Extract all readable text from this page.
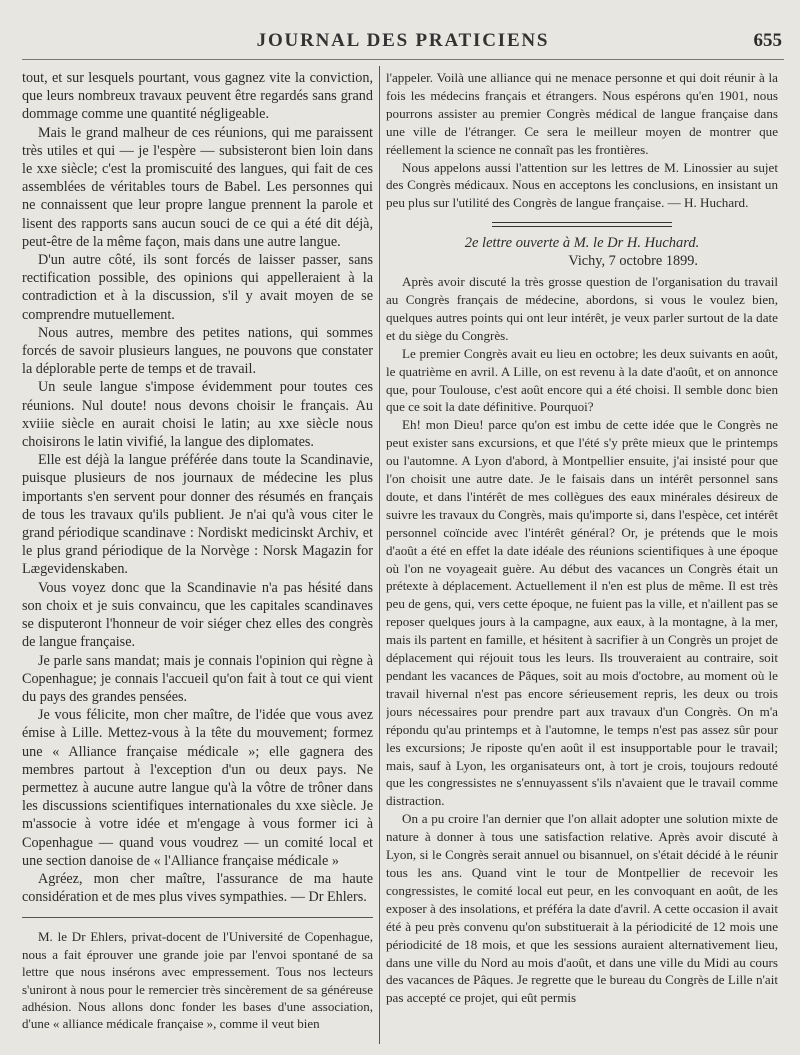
JOURNAL DES PRATICIENS	655

tout, et sur lesquels pourtant, vous gagnez vite la conviction, que leurs nombreux travaux peuvent être regardés sans grand dommage comme une quantité négligeable.

Mais le grand malheur de ces réunions, qui me paraissent très utiles et qui — je l'espère — subsisteront bien loin dans le xxe siècle; c'est la promiscuité des langues, qui fait de ces assemblées de véritables tours de Babel. Les personnes qui ne connaissent que leur propre langue prennent la parole et lisent des rapports sans aucun souci de ce qui a été dit déjà, peut-être de la même façon, mais dans une autre langue.

D'un autre côté, ils sont forcés de laisser passer, sans rectification possible, des opinions qui appelleraient à la contradiction et à la discussion, s'il y avait moyen de se comprendre mutuellement.

Nous autres, membre des petites nations, qui sommes forcés de savoir plusieurs langues, ne pouvons que constater la déplorable perte de temps et de travail.

Un seule langue s'impose évidemment pour toutes ces réunions. Nul doute! nous devons choisir le français. Au xviiie siècle en aurait choisi le latin; au xxe siècle nous choisirons le latin vivifié, la langue des diplomates.

Elle est déjà la langue préférée dans toute la Scandinavie, puisque plusieurs de nos journaux de médecine les plus importants s'en servent pour donner des résumés en français de tous les travaux qu'ils publient. Je n'ai qu'à vous citer le grand périodique scandinave : Nordiskt medicinskt Archiv, et le plus grand périodique de la Norvège : Norsk Magazin for Lægevidenskaben.

Vous voyez donc que la Scandinavie n'a pas hésité dans son choix et je suis convaincu, que les capitales scandinaves se disputeront l'honneur de voir siéger chez elles des congrès de langue française.

Je parle sans mandat; mais je connais l'opinion qui règne à Copenhague; je connais l'accueil qu'on fait à tout ce qui vient du pays des grandes pensées.

Je vous félicite, mon cher maître, de l'idée que vous avez émise à Lille. Mettez-vous à la tête du mouvement; formez une « Alliance française médicale »; elle gagnera des membres partout à l'exception d'un ou deux pays. Ne permettez à aucune autre langue qu'à la vôtre de trôner dans les discussions scientifiques internationales du xxe siècle. Je m'associe à votre idée et m'engage à vous former ici à Copenhague — quand vous voudrez — un comité local et une section danoise de « l'Alliance française médicale »

Agréez, mon cher maître, l'assurance de ma haute considération et de mes plus vives sympathies. — Dr Ehlers.

M. le Dr Ehlers, privat-docent de l'Université de Copenhague, nous a fait éprouver une grande joie par l'envoi spontané de sa lettre que nous insérons avec empressement. Tous nos lecteurs s'uniront à nous pour le remercier très sincèrement de sa généreuse adhésion. Nous allons donc fonder les bases d'une association, d'une « alliance médicale française », comme il veut bien

l'appeler. Voilà une alliance qui ne menace personne et qui doit réunir à la fois les médecins français et étrangers. Nous espérons qu'en 1901, nous pourrons assister au premier Congrès médical de langue française dans une ville de l'étranger. Ce sera le meilleur moyen de montrer que réellement la science ne connaît pas les frontières.

Nous appelons aussi l'attention sur les lettres de M. Linossier au sujet des Congrès médicaux. Nous en acceptons les conclusions, en insistant un peu plus sur l'utilité des Congrès de langue française. — H. Huchard.

2e lettre ouverte à M. le Dr H. Huchard.

Vichy, 7 octobre 1899.

Après avoir discuté la très grosse question de l'organisation du travail au Congrès français de médecine, abordons, si vous le voulez bien, quelques autres points qui ont leur intérêt, je veux parler surtout de la date et du siège du Congrès.

Le premier Congrès avait eu lieu en octobre; les deux suivants en août, le quatrième en avril. A Lille, on est revenu à la date d'août, et on annonce que, pour Toulouse, c'est août encore qui a été choisi. Il semble donc bien que ce soit la date définitive. Pourquoi?

Eh! mon Dieu! parce qu'on est imbu de cette idée que le Congrès ne peut exister sans excursions, et que l'été s'y prête mieux que le printemps ou l'automne. A Lyon d'abord, à Montpellier ensuite, j'ai insisté pour que l'on choisit une autre date. Je le faisais dans un intérêt personnel sans doute, et dans l'intérêt de mes collègues des eaux minérales désireux de suivre les travaux du Congrès, mais qu'importe si, dans l'espèce, cet intérêt personnel coïncide avec l'intérêt général? Or, je prétends que le mois d'août a été en effet la date idéale des réunions scientifiques à une époque où l'on ne voyageait guère. Au début des vacances un Congrès était un prétexte à déplacement. Actuellement il n'en est plus de même. Il est très peu de gens, qui, vers cette époque, ne fuient pas la ville, et n'aillent pas se reposer quelques jours à la campagne, aux eaux, à la montagne, à la mer, mais ils partent en famille, et hésitent à sacrifier à un Congrès un projet de déplacement qui réjouit tous les leurs. Ils trouveraient au contraire, soit pendant les vacances de Pâques, soit au mois d'octobre, au moment où le travail hivernal n'est pas encore sérieusement repris, les deux ou trois jours nécessaires pour prendre part aux travaux d'un Congrès. On m'a répondu qu'au printemps et à l'automne, le temps n'est pas assez sûr pour les excursions; Je riposte qu'en août il est insupportable pour le travail; mais, sauf à Lyon, les organisateurs ont, à tort je crois, toujours redouté que les congressistes ne s'ennuyassent s'ils n'avaient que le travail comme distraction.

On a pu croire l'an dernier que l'on allait adopter une solution mixte de nature à donner à tous une satisfaction relative. Après avoir discuté à Lyon, si le Congrès serait annuel ou bisannuel, on s'était décidé à le réunir tous les ans. Quand vint le tour de Montpellier de recevoir les congressistes, le comité local eut peur, en les convoquant en août, de les exposer à des insolations, et préféra la date d'avril. A cette occasion il avait été à peu près convenu qu'on substituerait à la périodicité de 12 mois une périodicité de 18 mois, et que les sessions auraient alternativement lieu, dans une ville du Nord au mois d'août, et dans une ville du Midi au cours des vacances de Pâques. Je regrette que le bureau du Congrès de Lille n'ait pas accepté ce projet, qui eût permis
